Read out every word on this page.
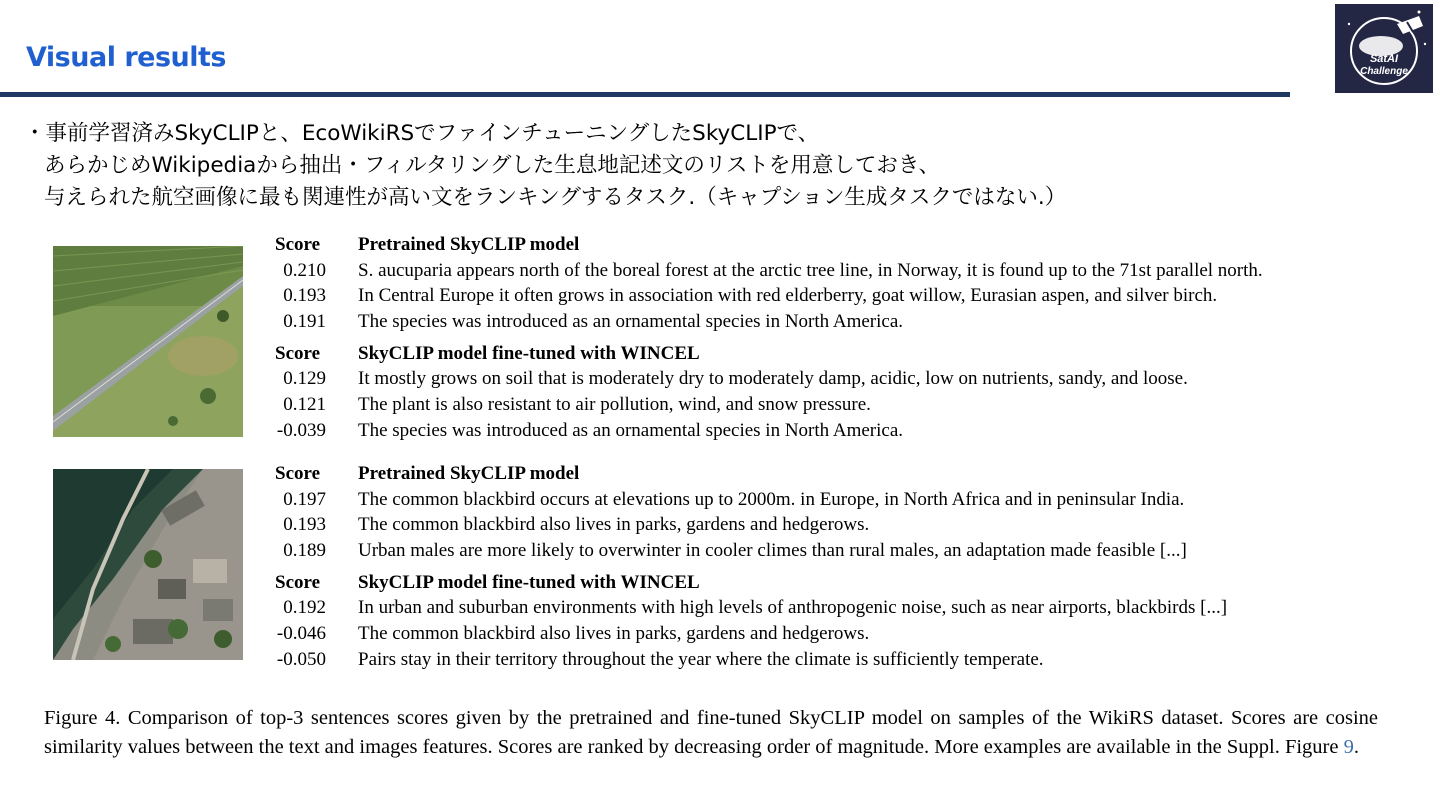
Visual results	SatAI
Challenge
・事前学習済みSkyCLIPと、EcoWikiRSでファインチューニングしたSkyCLIPで、
あらかじめWikipediaから抽出・フィルタリングした生息地記述文のリストを用意しておき、
与えられた航空画像に最も関連性が高い文をランキングするタスク.（キャプション生成タスクではない.）
Score	Pretrained SkyCLIP model
0.210 S. aucuparia appears north of the boreal forest at the arctic tree line, in Norway, it is found up to the 71st parallel north.
0.193 In Central Europe it often grows in association with red elderberry, goat willow, Eurasian aspen, and silver birch.
0.191 The species was introduced as an ornamental species in North America.
Score	SkyCLIP model fine-tuned with WINCEL
0.129 It mostly grows on soil that is moderately dry to moderately damp, acidic, low on nutrients, sandy, and loose.
0.121 The plant is also resistant to air pollution, wind, and snow pressure.
-0.039 The species was introduced as an ornamental species in North America.
Score	Pretrained SkyCLIP model
0.197 The common blackbird occurs at elevations up to 2000m. in Europe, in North Africa and in peninsular India.
0.193 The common blackbird also lives in parks, gardens and hedgerows.
0.189 Urban males are more likely to overwinter in cooler climes than rural males, an adaptation made feasible [...]
Score	SkyCLIP model fine-tuned with WINCEL
0.192 In urban and suburban environments with high levels of anthropogenic noise, such as near airports, blackbirds [...]
-0.046 The common blackbird also lives in parks, gardens and hedgerows.
-0.050 Pairs stay in their territory throughout the year where the climate is sufficiently temperate.
Figure 4. Comparison of top-3 sentences scores given by the pretrained and fine-tuned SkyCLIP model on samples of the WikiRS dataset. Scores are cosine similarity values between the text and images features. Scores are ranked by decreasing order of magnitude. More examples are available in the Suppl. Figure 9.
